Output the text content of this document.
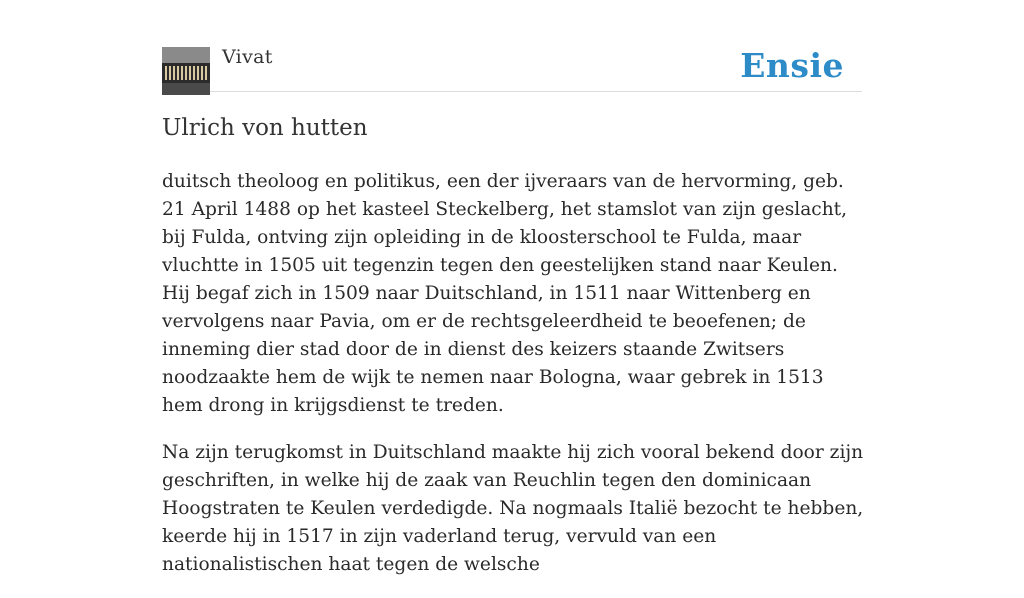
Vivat	Ensie
Ulrich von hutten

duitsch theoloog en politikus, een der ijveraars van de hervorming, geb. 21 April 1488 op het kasteel Steckelberg, het stamslot van zijn geslacht, bij Fulda, ontving zijn opleiding in de kloosterschool te Fulda, maar vluchtte in 1505 uit tegenzin tegen den geestelijken stand naar Keulen. Hij begaf zich in 1509 naar Duitschland, in 1511 naar Wittenberg en vervolgens naar Pavia, om er de rechtsgeleerdheid te beoefenen; de inneming dier stad door de in dienst des keizers staande Zwitsers noodzaakte hem de wijk te nemen naar Bologna, waar gebrek in 1513 hem drong in krijgsdienst te treden.

Na zijn terugkomst in Duitschland maakte hij zich vooral bekend door zijn geschriften, in welke hij de zaak van Reuchlin tegen den dominicaan Hoogstraten te Keulen verdedigde. Na nogmaals Italië bezocht te hebben, keerde hij in 1517 in zijn vaderland terug, vervuld van een nationalistischen haat tegen de welsche
